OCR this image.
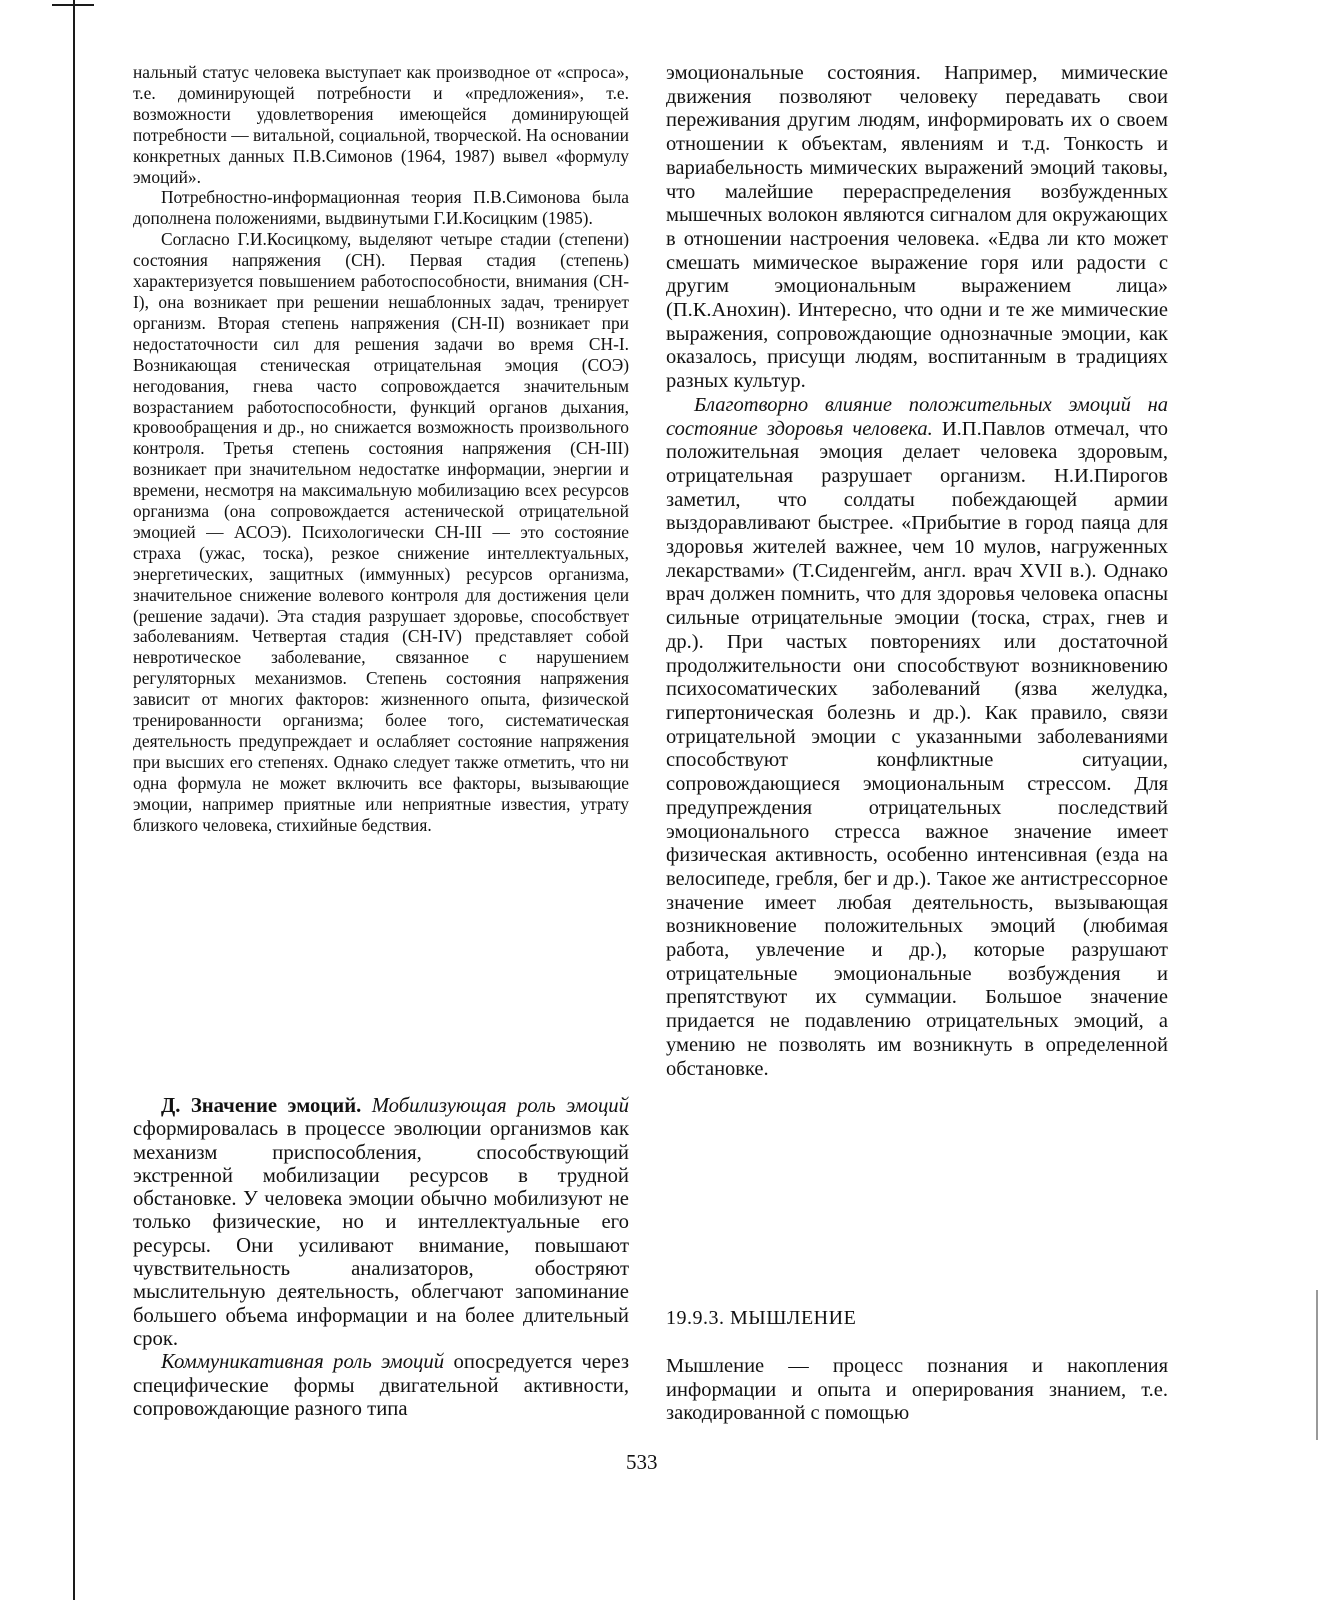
нальный статус человека выступает как производное от «спроса», т.е. доминирующей потребности и «предложения», т.е. возможности удовлетворения имеющейся доминирующей потребности — витальной, социальной, творческой. На основании конкретных данных П.В.Симонов (1964, 1987) вывел «формулу эмоций».

Потребностно-информационная теория П.В.Симонова была дополнена положениями, выдвинутыми Г.И.Косицким (1985).

Согласно Г.И.Косицкому, выделяют четыре стадии (степени) состояния напряжения (СН). Первая стадия (степень) характеризуется повышением работоспособности, внимания (СН-I), она возникает при решении нешаблонных задач, тренирует организм. Вторая степень напряжения (СН-II) возникает при недостаточности сил для решения задачи во время СН-I. Возникающая стеническая отрицательная эмоция (СОЭ) негодования, гнева часто сопровождается значительным возрастанием работоспособности, функций органов дыхания, кровообращения и др., но снижается возможность произвольного контроля. Третья степень состояния напряжения (СН-III) возникает при значительном недостатке информации, энергии и времени, несмотря на максимальную мобилизацию всех ресурсов организма (она сопровождается астенической отрицательной эмоцией — АСОЭ). Психологически СН-III — это состояние страха (ужас, тоска), резкое снижение интеллектуальных, энергетических, защитных (иммунных) ресурсов организма, значительное снижение волевого контроля для достижения цели (решение задачи). Эта стадия разрушает здоровье, способствует заболеваниям. Четвертая стадия (СН-IV) представляет собой невротическое заболевание, связанное с нарушением регуляторных механизмов. Степень состояния напряжения зависит от многих факторов: жизненного опыта, физической тренированности организма; более того, систематическая деятельность предупреждает и ослабляет состояние напряжения при высших его степенях. Однако следует также отметить, что ни одна формула не может включить все факторы, вызывающие эмоции, например приятные или неприятные известия, утрату близкого человека, стихийные бедствия.

Д. Значение эмоций. Мобилизующая роль эмоций сформировалась в процессе эволюции организмов как механизм приспособления, способствующий экстренной мобилизации ресурсов в трудной обстановке. У человека эмоции обычно мобилизуют не только физические, но и интеллектуальные его ресурсы. Они усиливают внимание, повышают чувствительность анализаторов, обостряют мыслительную деятельность, облегчают запоминание большего объема информации и на более длительный срок.

Коммуникативная роль эмоций опосредуется через специфические формы двигательной активности, сопровождающие разного типа

эмоциональные состояния. Например, мимические движения позволяют человеку передавать свои переживания другим людям, информировать их о своем отношении к объектам, явлениям и т.д. Тонкость и вариабельность мимических выражений эмоций таковы, что малейшие перераспределения возбужденных мышечных волокон являются сигналом для окружающих в отношении настроения человека. «Едва ли кто может смешать мимическое выражение горя или радости с другим эмоциональным выражением лица» (П.К.Анохин). Интересно, что одни и те же мимические выражения, сопровождающие однозначные эмоции, как оказалось, присущи людям, воспитанным в традициях разных культур.

Благотворно влияние положительных эмоций на состояние здоровья человека. И.П.Павлов отмечал, что положительная эмоция делает человека здоровым, отрицательная разрушает организм. Н.И.Пирогов заметил, что солдаты побеждающей армии выздоравливают быстрее. «Прибытие в город паяца для здоровья жителей важнее, чем 10 мулов, нагруженных лекарствами» (Т.Сиденгейм, англ. врач XVII в.). Однако врач должен помнить, что для здоровья человека опасны сильные отрицательные эмоции (тоска, страх, гнев и др.). При частых повторениях или достаточной продолжительности они способствуют возникновению психосоматических заболеваний (язва желудка, гипертоническая болезнь и др.). Как правило, связи отрицательной эмоции с указанными заболеваниями способствуют конфликтные ситуации, сопровождающиеся эмоциональным стрессом. Для предупреждения отрицательных последствий эмоционального стресса важное значение имеет физическая активность, особенно интенсивная (езда на велосипеде, гребля, бег и др.). Такое же антистрессорное значение имеет любая деятельность, вызывающая возникновение положительных эмоций (любимая работа, увлечение и др.), которые разрушают отрицательные эмоциональные возбуждения и препятствуют их суммации. Большое значение придается не подавлению отрицательных эмоций, а умению не позволять им возникнуть в определенной обстановке.

19.9.3. МЫШЛЕНИЕ

Мышление — процесс познания и накопления информации и опыта и оперирования знанием, т.е. закодированной с помощью

533
